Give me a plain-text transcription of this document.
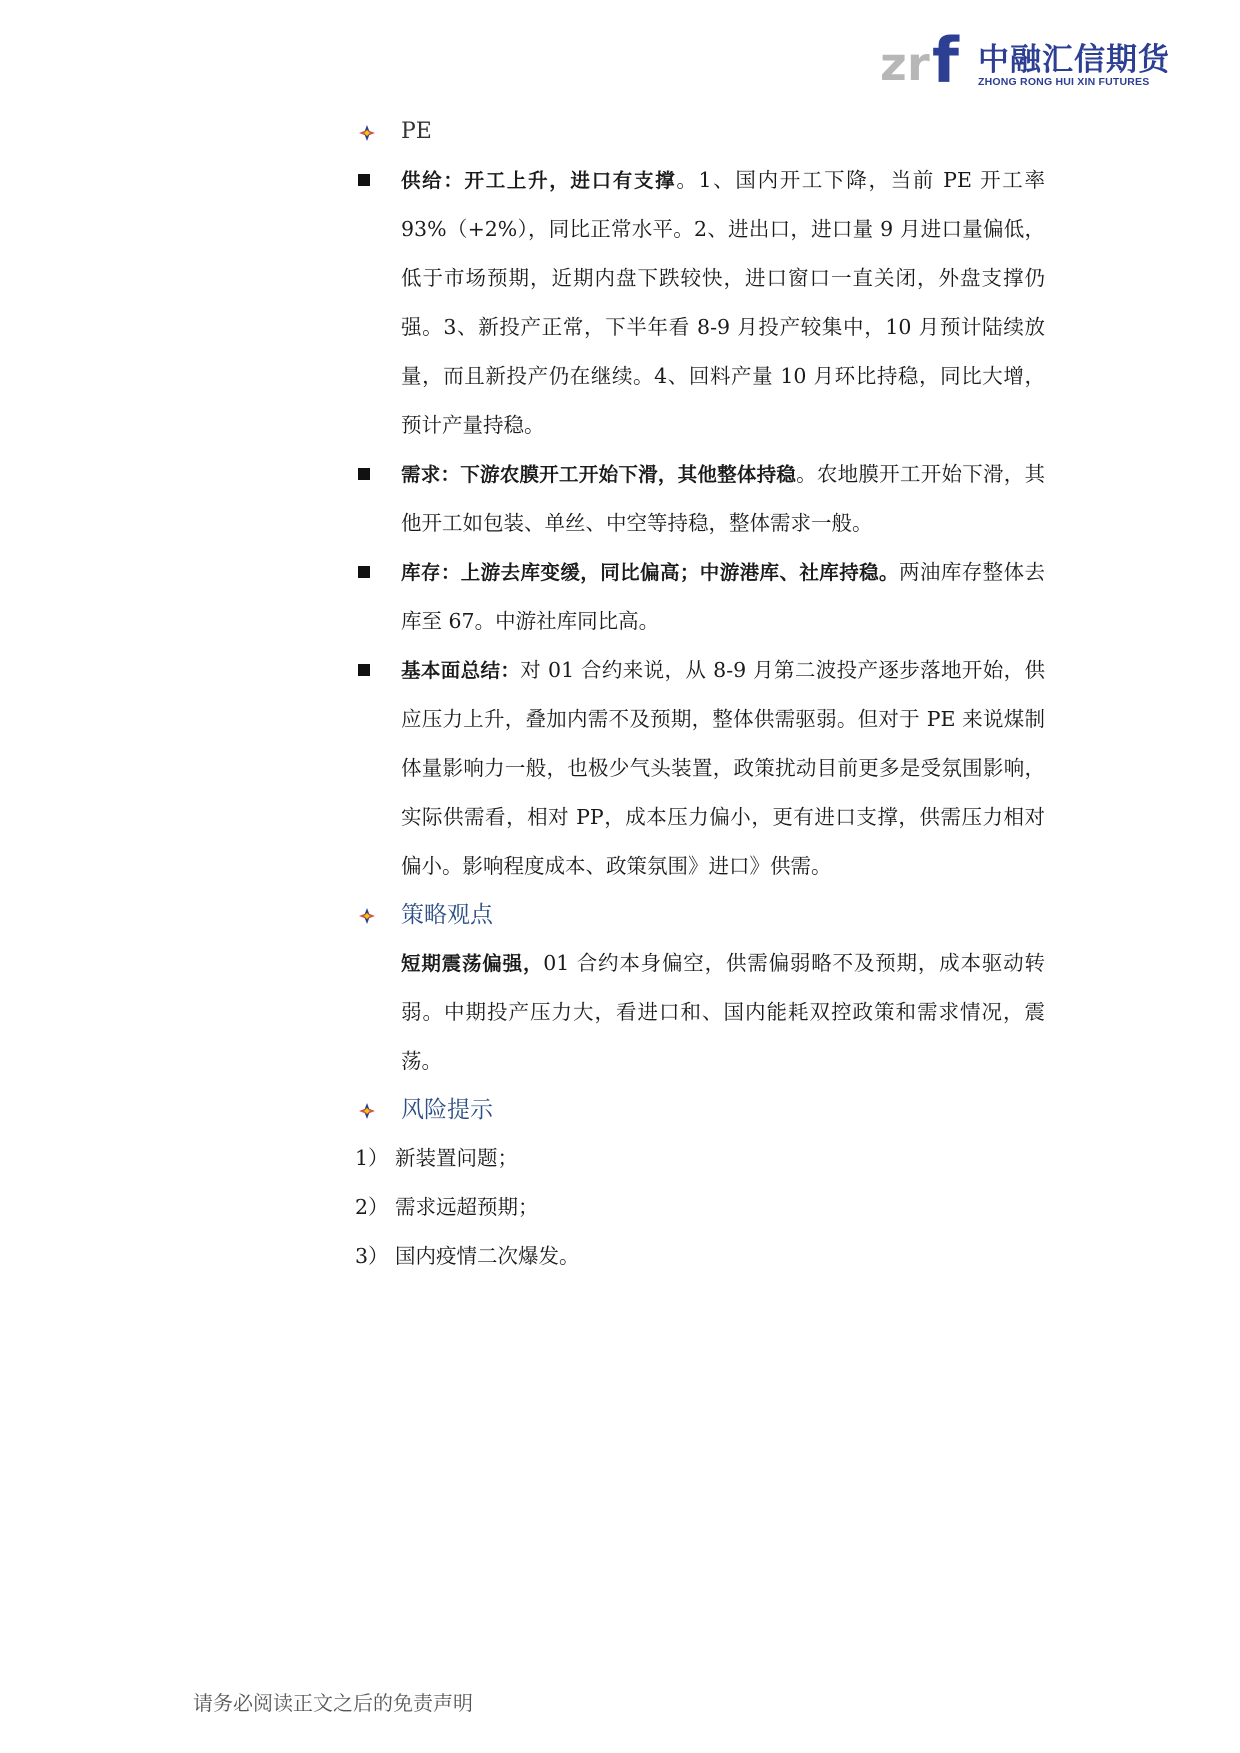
z r f 中融汇信期货
ZHONG RONG HUI XIN FUTURES
PE
供给：开工上升，进口有支撑。1、国内开工下降，当前 PE 开工率 93%（+2%），同比正常水平。2、进出口，进口量 9 月进口量偏低，低于市场预期，近期内盘下跌较快，进口窗口一直关闭，外盘支撑仍强。3、新投产正常，下半年看 8-9 月投产较集中，10 月预计陆续放量，而且新投产仍在继续。4、回料产量 10 月环比持稳，同比大增，预计产量持稳。
需求：下游农膜开工开始下滑，其他整体持稳。农地膜开工开始下滑，其他开工如包装、单丝、中空等持稳，整体需求一般。
库存：上游去库变缓，同比偏高；中游港库、社库持稳。两油库存整体去库至 67。中游社库同比高。
基本面总结：对 01 合约来说，从 8-9 月第二波投产逐步落地开始，供应压力上升，叠加内需不及预期，整体供需驱弱。但对于 PE 来说煤制体量影响力一般，也极少气头装置，政策扰动目前更多是受氛围影响，实际供需看，相对 PP，成本压力偏小，更有进口支撑，供需压力相对偏小。影响程度成本、政策氛围》进口》供需。
策略观点
短期震荡偏强，01 合约本身偏空，供需偏弱略不及预期，成本驱动转弱。中期投产压力大，看进口和、国内能耗双控政策和需求情况，震荡。
风险提示
1） 新装置问题；
2） 需求远超预期；
3） 国内疫情二次爆发。
请务必阅读正文之后的免责声明
